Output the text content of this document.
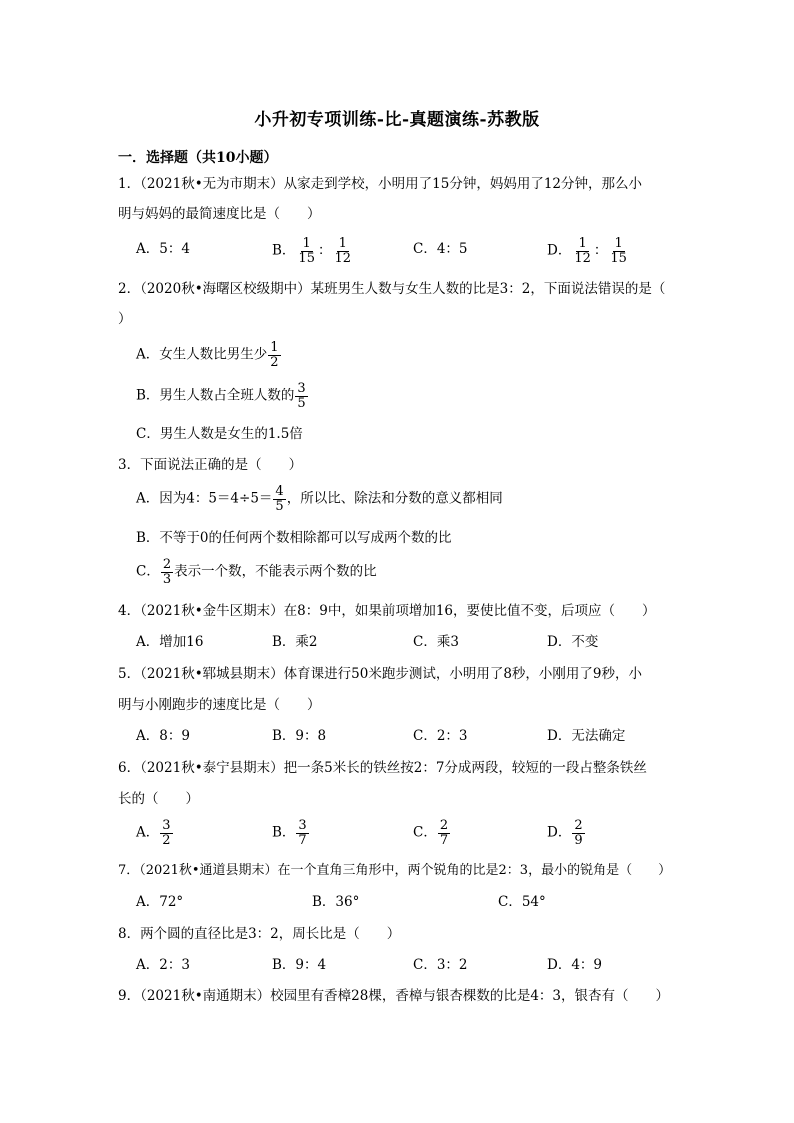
小升初专项训练-比-真题演练-苏教版
一．选择题（共10小题）
1．（2021秋•无为市期末）从家走到学校，小明用了15分钟，妈妈用了12分钟，那么小
明与妈妈的最简速度比是（　　）
A．5：4	B． $\frac{1}{15}$ ： $\frac{1}{12}$	C．4：5	D． $\frac{1}{12}$ ： $\frac{1}{15}$
2．（2020秋•海曙区校级期中）某班男生人数与女生人数的比是3：2，下面说法错误的是（
）
A．女生人数比男生少 $\frac{1}{2}$
B．男生人数占全班人数的 $\frac{3}{5}$
C．男生人数是女生的1.5倍
3．下面说法正确的是（　　）
A．因为4：$5=4\div 5= \frac{4}{5}$ ，所以比、除法和分数的意义都相同
B．不等于0的任何两个数相除都可以写成两个数的比
C． $\frac{2}{3}$ 表示一个数，不能表示两个数的比
4．（2021秋•金牛区期末）在8：9中，如果前项增加16，要使比值不变，后项应（　　）
A．增加16	B．乘2	C．乘3	D．不变
5．（2021秋•郓城县期末）体育课进行50米跑步测试，小明用了8秒，小刚用了9秒，小
明与小刚跑步的速度比是（　　）
A．8：9	B．9：8	C．2：3	D．无法确定
6．（2021秋•泰宁县期末）把一条5米长的铁丝按2：7分成两段，较短的一段占整条铁丝
长的（　　）
A． $\frac{3}{2}$	B． $\frac{3}{7}$	C． $\frac{2}{7}$	D． $\frac{2}{9}$
7．（2021秋•通道县期末）在一个直角三角形中，两个锐角的比是2：3，最小的锐角是（　　）
A．72°	B．36°	C．54°
8．两个圆的直径比是3：2，周长比是（　　）
A．2：3	B．9：4	C．3：2	D．4：9
9．（2021秋•南通期末）校园里有香樟28棵，香樟与银杏棵数的比是4：3，银杏有（　　）
